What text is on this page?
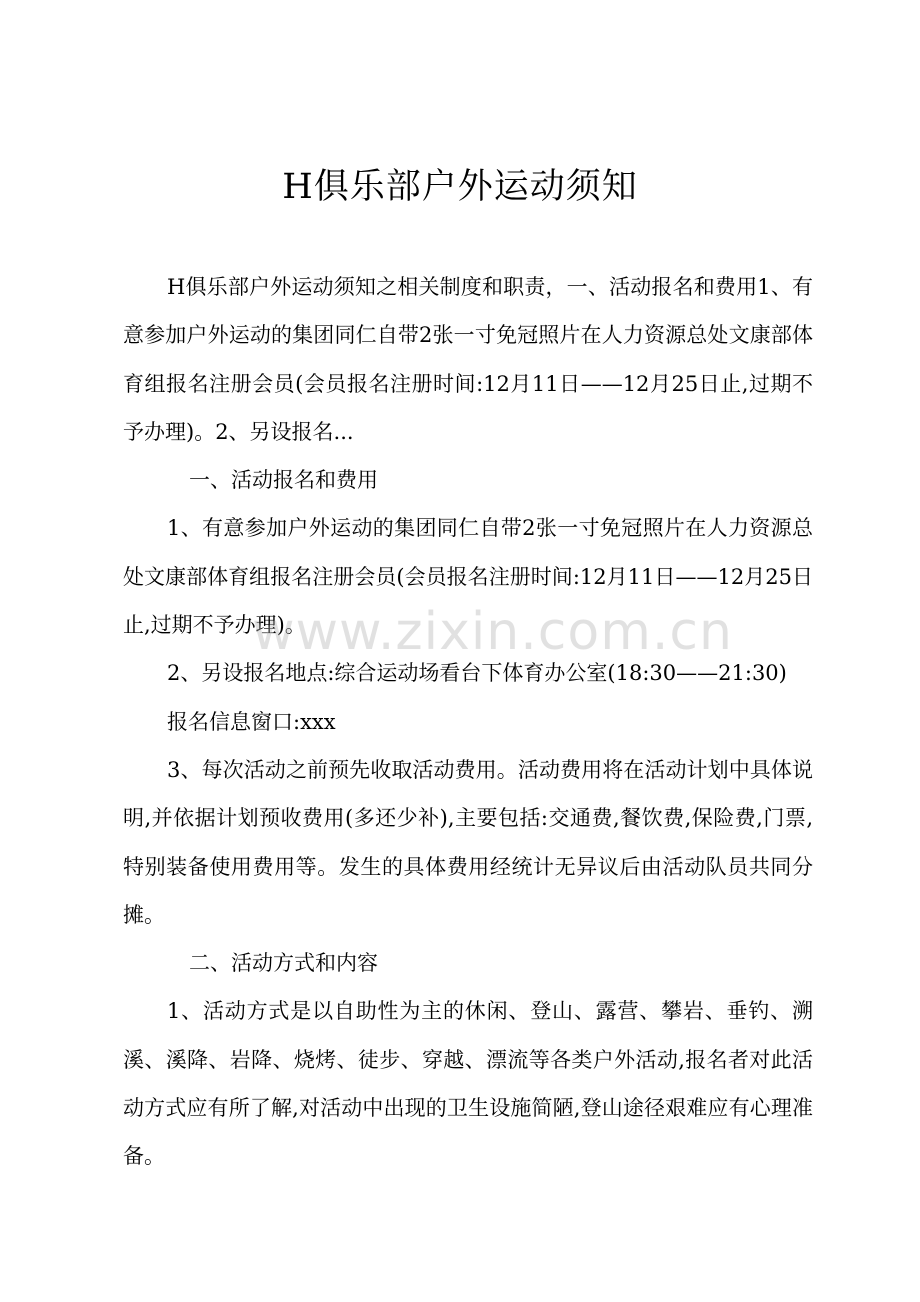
H俱乐部户外运动须知

H俱乐部户外运动须知之相关制度和职责，一、活动报名和费用1、有意参加户外运动的集团同仁自带2张一寸免冠照片在人力资源总处文康部体育组报名注册会员(会员报名注册时间:12月11日——12月25日止,过期不予办理)。2、另设报名...

一、活动报名和费用

1、有意参加户外运动的集团同仁自带2张一寸免冠照片在人力资源总处文康部体育组报名注册会员(会员报名注册时间:12月11日——12月25日止,过期不予办理)。

2、另设报名地点:综合运动场看台下体育办公室(18:30——21:30)

报名信息窗口:xxx

3、每次活动之前预先收取活动费用。活动费用将在活动计划中具体说明,并依据计划预收费用(多还少补),主要包括:交通费,餐饮费,保险费,门票,特别装备使用费用等。发生的具体费用经统计无异议后由活动队员共同分摊。

二、活动方式和内容

1、活动方式是以自助性为主的休闲、登山、露营、攀岩、垂钓、溯溪、溪降、岩降、烧烤、徒步、穿越、漂流等各类户外活动,报名者对此活动方式应有所了解,对活动中出现的卫生设施简陋,登山途径艰难应有心理准备。

www.zixin.com.cn
